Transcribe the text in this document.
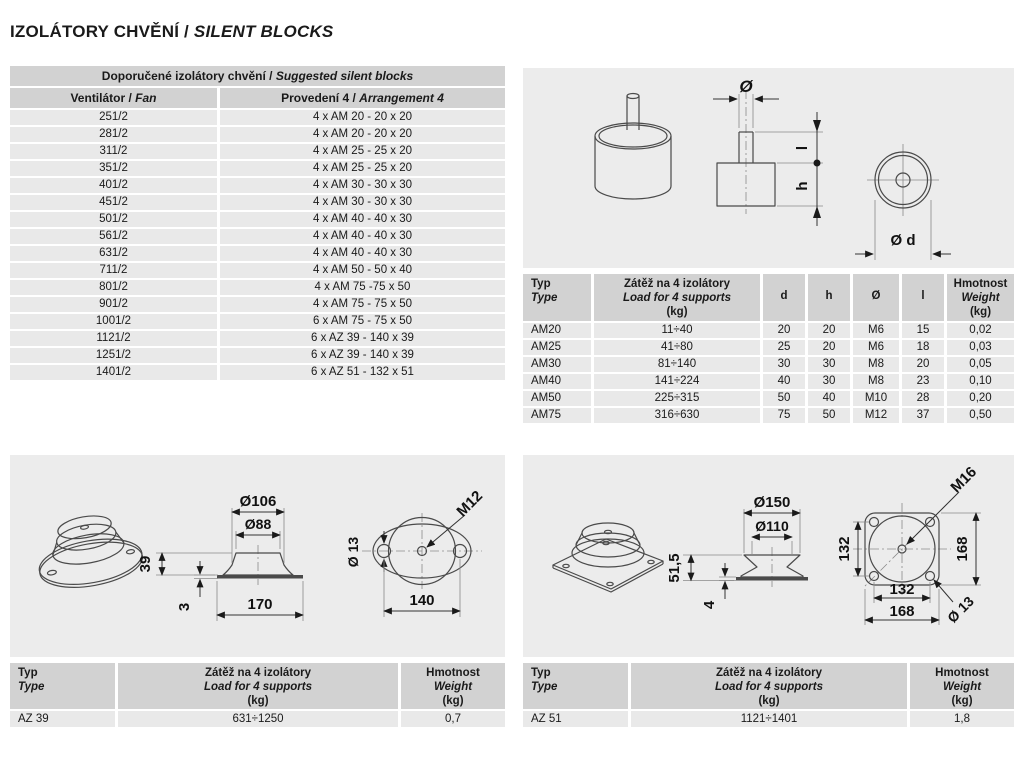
IZOLÁTORY CHVĚNÍ / SILENT BLOCKS
Doporučené izolátory chvění / Suggested silent blocks
Ventilátor / Fan	Provedení 4 / Arrangement 4
251/2	4 x AM 20 - 20 x 20
281/2	4 x AM 20 - 20 x 20
311/2	4 x AM 25 - 25 x 20
351/2	4 x AM 25 - 25 x 20
401/2	4 x AM 30 - 30 x 30
451/2	4 x AM 30 - 30 x 30
501/2	4 x AM 40 - 40 x 30
561/2	4 x AM 40 - 40 x 30
631/2	4 x AM 40 - 40 x 30
711/2	4 x AM 50 - 50 x 40
801/2	4 x AM 75 -75 x 50
901/2	4 x AM 75 - 75 x 50
1001/2	6 x AM 75 - 75 x 50
1121/2	6 x AZ 39 - 140 x 39
1251/2	6 x AZ 39 - 140 x 39
1401/2	6 x AZ 51 - 132 x 51
Ø
l
h
Ø d
Typ
Type
Zátěž na 4 izolátory
Load for 4 supports
(kg)
d	h	Ø	l
Hmotnost
Weight
(kg)
AM20	11÷40	20	20	M6	15	0,02
AM25	41÷80	25	20	M6	18	0,03
AM30	81÷140	30	30	M8	20	0,05
AM40	141÷224	40	30	M8	23	0,10
AM50	225÷315	50	40	M10	28	0,20
AM75	316÷630	75	50	M12	37	0,50
Ø106
Ø88
39
3	170
M12
Ø 13
140
Ø150
Ø110
51,5
4
M16
Ø 13
132	168
132
168
Typ
Type
Zátěž na 4 izolátory
Load for 4 supports
(kg)
Hmotnost
Weight
(kg)
AZ 39	631÷1250	0,7
Typ
Type
Zátěž na 4 izolátory
Load for 4 supports
(kg)
Hmotnost
Weight
(kg)
AZ 51	1121÷1401	1,8
